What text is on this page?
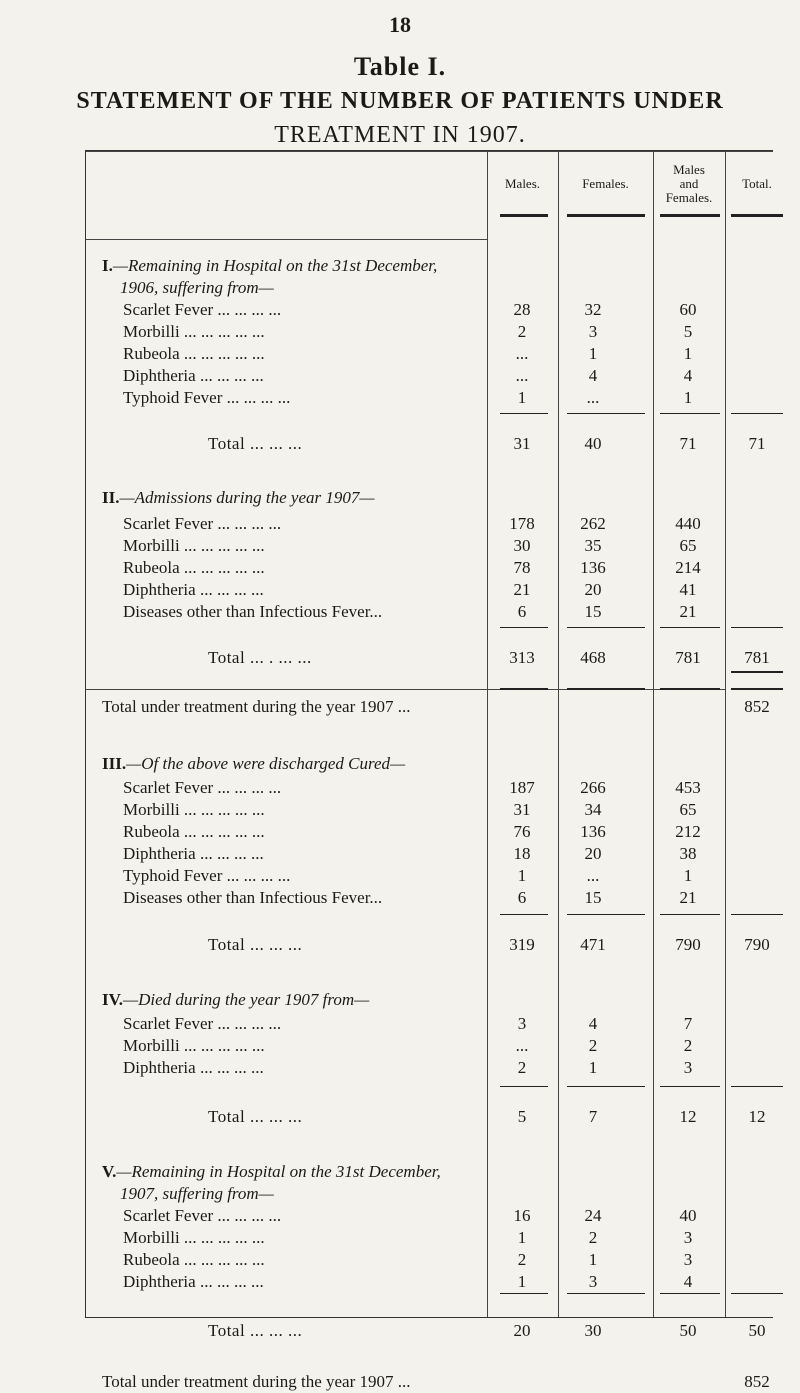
18
Table I.
STATEMENT OF THE NUMBER OF PATIENTS UNDER
TREATMENT IN 1907.
Males.	Females.
Males
and
Females.
Total.
I.—Remaining in Hospital on the 31st December,
1906, suffering from—
Scarlet Fever ... ... ... ...	28	32	60
Morbilli ... ... ... ... ...	2	3	5
Rubeola ... ... ... ... ...	...	1	1
Diphtheria ... ... ... ...	...	4	4
Typhoid Fever ... ... ... ...	1	...	1
Total ... ... ...	31	40	71	71
II.—Admissions during the year 1907—
Scarlet Fever ... ... ... ...	178	262	440
Morbilli ... ... ... ... ...	30	35	65
Rubeola ... ... ... ... ...	78	136	214
Diphtheria ... ... ... ...	21	20	41
Diseases other than Infectious Fever...	6	15	21
Total ... . ... ...	313	468	781	781
Total under treatment during the year 1907 ...	852
III.—Of the above were discharged Cured—
Scarlet Fever ... ... ... ...	187	266	453
Morbilli ... ... ... ... ...	31	34	65
Rubeola ... ... ... ... ...	76	136	212
Diphtheria ... ... ... ...	18	20	38
Typhoid Fever ... ... ... ...	1	...	1
Diseases other than Infectious Fever...	6	15	21
Total ... ... ...	319	471	790	790
IV.—Died during the year 1907 from—
Scarlet Fever ... ... ... ...	3	4	7
Morbilli ... ... ... ... ...	...	2	2
Diphtheria ... ... ... ...	2	1	3
Total ... ... ...	5	7	12	12
V.—Remaining in Hospital on the 31st December,
1907, suffering from—
Scarlet Fever ... ... ... ...	16	24	40
Morbilli ... ... ... ... ...	1	2	3
Rubeola ... ... ... ... ...	2	1	3
Diphtheria ... ... ... ...	1	3	4
Total ... ... ...	20	30	50	50
Total under treatment during the year 1907 ...	852
